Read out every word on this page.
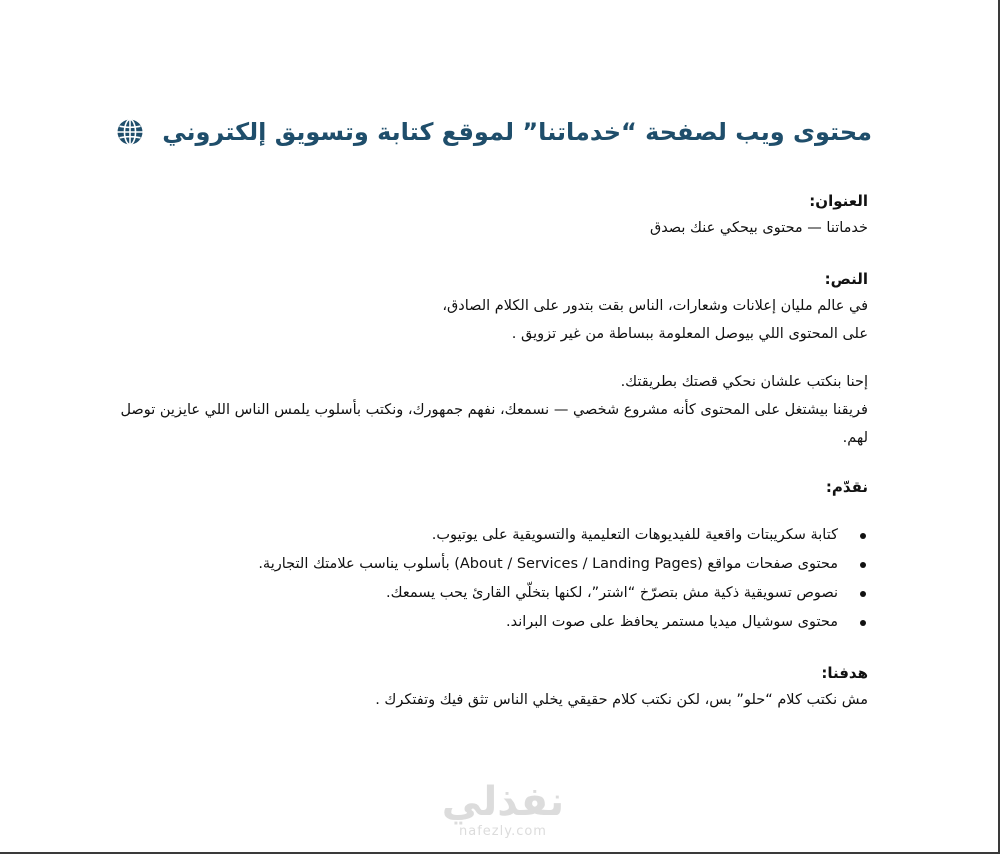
محتوى ويب لصفحة “خدماتنا” لموقع كتابة وتسويق إلكتروني
العنوان:
خدماتنا — محتوى بيحكي عنك بصدق
النص:
في عالم مليان إعلانات وشعارات، الناس بقت بتدور على الكلام الصادق،
على المحتوى اللي بيوصل المعلومة ببساطة من غير تزويق .
إحنا بنكتب علشان نحكي قصتك بطريقتك.
فريقنا بيشتغل على المحتوى كأنه مشروع شخصي — نسمعك، نفهم جمهورك، ونكتب بأسلوب يلمس الناس اللي عايزين توصل
لهم.
نقدّم:
كتابة سكريبتات واقعية للفيديوهات التعليمية والتسويقية على يوتيوب.
محتوى صفحات مواقع (About / Services / Landing Pages) بأسلوب يناسب علامتك التجارية.
نصوص تسويقية ذكية مش بتصرّخ “اشتر”، لكنها بتخلّي القارئ يحب يسمعك.
محتوى سوشيال ميديا مستمر يحافظ على صوت البراند.
هدفنا:
مش نكتب كلام “حلو” بس، لكن نكتب كلام حقيقي يخلي الناس تثق فيك وتفتكرك .
نفذلي
nafezly.com
